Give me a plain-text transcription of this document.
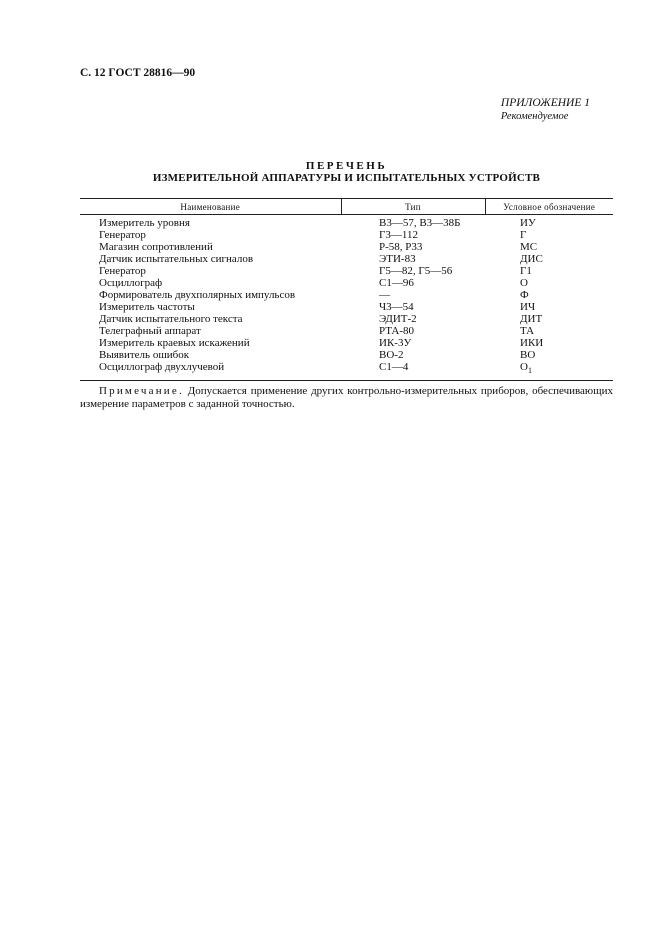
С. 12 ГОСТ 28816—90
ПРИЛОЖЕНИЕ 1
Рекомендуемое
ПЕРЕЧЕНЬ
ИЗМЕРИТЕЛЬНОЙ АППАРАТУРЫ И ИСПЫТАТЕЛЬНЫХ УСТРОЙСТВ
Наименование	Тип	Условное обозначение
Измеритель уровня	В3—57, В3—38Б	ИУ
Генератор	Г3—112	Г
Магазин сопротивлений	Р-58, Р33	МС
Датчик испытательных сигналов	ЭТИ-83	ДИС
Генератор	Г5—82, Г5—56	Г1
Осциллограф	С1—96	О
Формирователь двухполярных импульсов	—	Ф
Измеритель частоты	Ч3—54	ИЧ
Датчик испытательного текста	ЭДИТ-2	ДИТ
Телеграфный аппарат	РТА-80	ТА
Измеритель краевых искажений	ИК-3У	ИКИ
Выявитель ошибок	ВО-2	ВО
Осциллограф двухлучевой	С1—4	$О_1$
Примечание. Допускается применение других контрольно-измерительных приборов, обеспечивающих измерение параметров с заданной точностью.
